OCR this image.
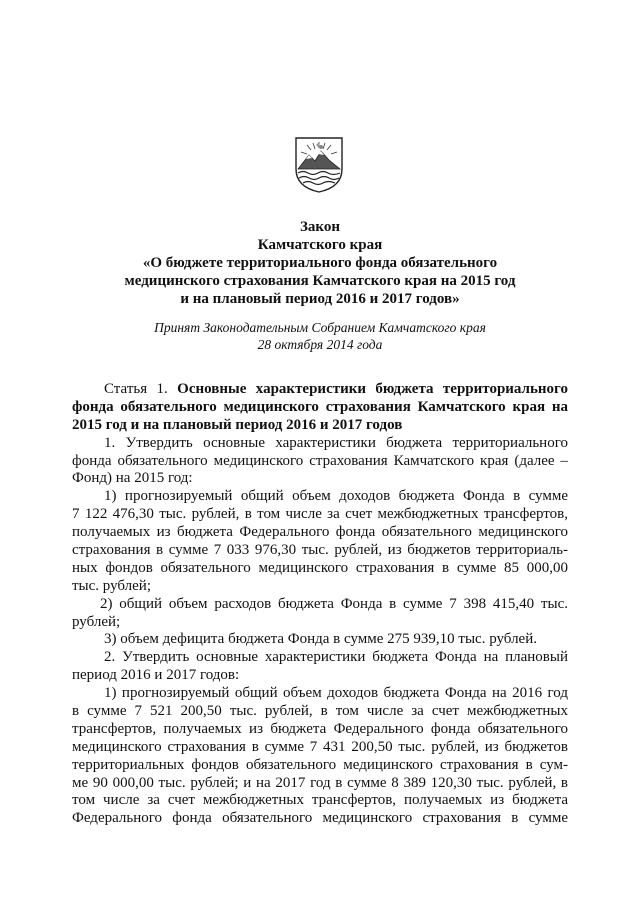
Закон
Камчатского края
«О бюджете территориального фонда обязательного
медицинского страхования Камчатского края на 2015 год
и на плановый период 2016 и 2017 годов»
Принят Законодательным Собранием Камчатского края
28 октября 2014 года
Статья 1. Основные характеристики бюджета территориального
фонда обязательного медицинского страхования Камчатского края на
2015 год и на плановый период 2016 и 2017 годов
1. Утвердить основные характеристики бюджета территориального
фонда обязательного медицинского страхования Камчатского края (далее –
Фонд) на 2015 год:
1) прогнозируемый общий объем доходов бюджета Фонда в сумме
7 122 476,30 тыс. рублей, в том числе за счет межбюджетных трансфертов,
получаемых из бюджета Федерального фонда обязательного медицинского
страхования в сумме 7 033 976,30 тыс. рублей, из бюджетов территориаль-
ных фондов обязательного медицинского страхования в сумме 85 000,00
тыс. рублей;
2) общий объем расходов бюджета Фонда в сумме 7 398 415,40 тыс.
рублей;
3) объем дефицита бюджета Фонда в сумме 275 939,10 тыс. рублей.
2. Утвердить основные характеристики бюджета Фонда на плановый
период 2016 и 2017 годов:
1) прогнозируемый общий объем доходов бюджета Фонда на 2016 год
в сумме 7 521 200,50 тыс. рублей, в том числе за счет межбюджетных
трансфертов, получаемых из бюджета Федерального фонда обязательного
медицинского страхования в сумме 7 431 200,50 тыс. рублей, из бюджетов
территориальных фондов обязательного медицинского страхования в сум-
ме 90 000,00 тыс. рублей; и на 2017 год в сумме 8 389 120,30 тыс. рублей, в
том числе за счет межбюджетных трансфертов, получаемых из бюджета
Федерального фонда обязательного медицинского страхования в сумме
